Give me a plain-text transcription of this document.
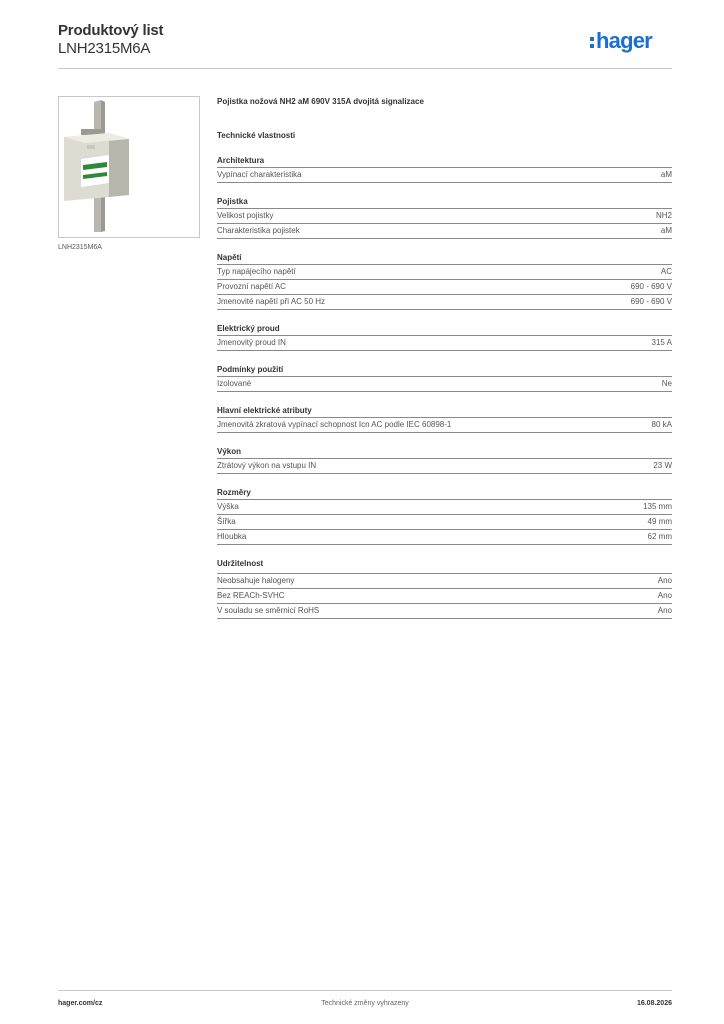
Produktový list
LNH2315M6A	hager
LNH2315M6A
Pojistka nožová NH2 aM 690V 315A dvojitá signalizace
Technické vlastnosti
Architektura
Vypínací charakteristika	aM
Pojistka
Velikost pojistky	NH2
Charakteristika pojistek	aM
Napětí
Typ napájecího napětí	AC
Provozní napětí AC	690 - 690 V
Jmenovité napětí při AC 50 Hz	690 - 690 V
Elektrický proud
Jmenovitý proud IN	315 A
Podmínky použití
Izolované	Ne
Hlavní elektrické atributy
Jmenovitá zkratová vypínací schopnost Icn AC podle IEC 60898-1	80 kA
Výkon
Ztrátový výkon na vstupu IN	23 W
Rozměry
Výška	135 mm
Šířka	49 mm
Hloubka	62 mm
Udržitelnost
Neobsahuje halogeny	Ano
Bez REACh-SVHC	Ano
V souladu se směrnicí RoHS	Ano
Technické změny vyhrazeny
hager.com/cz	16.08.2026
